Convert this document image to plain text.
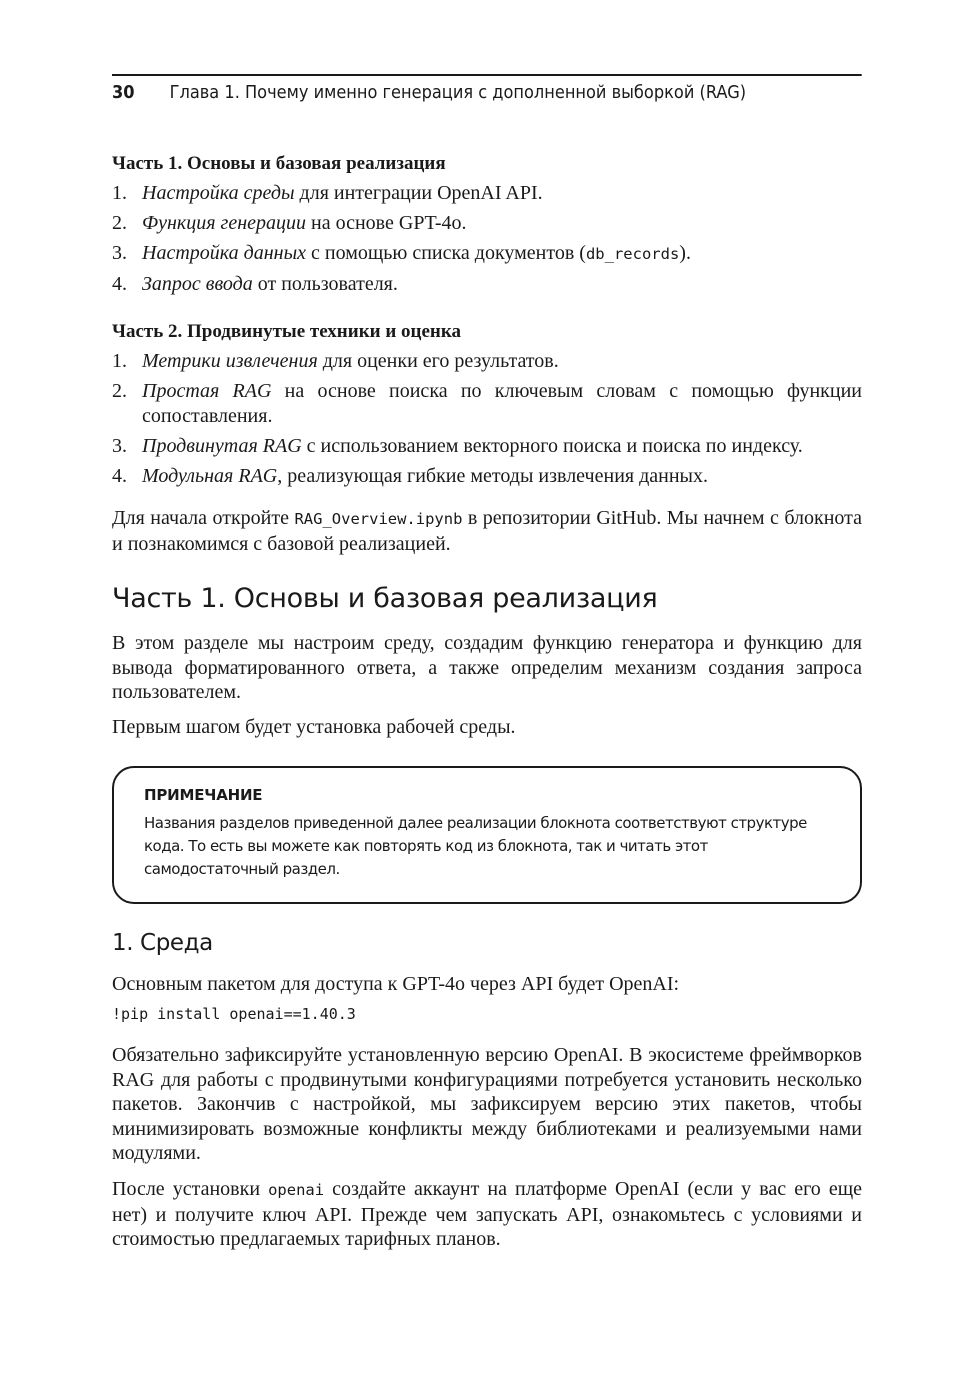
30	Глава 1. Почему именно генерация с дополненной выборкой (RAG)

Часть 1. Основы и базовая реализация

1. Настройка среды для интеграции OpenAI API.
2. Функция генерации на основе GPT-4o.
3. Настройка данных с помощью списка документов (db_records).
4. Запрос ввода от пользователя.

Часть 2. Продвинутые техники и оценка

1. Метрики извлечения для оценки его результатов.
2. Простая RAG на основе поиска по ключевым словам с помощью функции сопоставления.
3. Продвинутая RAG с использованием векторного поиска и поиска по индексу.
4. Модульная RAG, реализующая гибкие методы извлечения данных.

Для начала откройте RAG_Overview.ipynb в репозитории GitHub. Мы начнем с блокнота и познакомимся с базовой реализацией.

Часть 1. Основы и базовая реализация

В этом разделе мы настроим среду, создадим функцию генератора и функцию для вывода форматированного ответа, а также определим механизм создания запроса пользователем.

Первым шагом будет установка рабочей среды.

ПРИМЕЧАНИЕ

Названия разделов приведенной далее реализации блокнота соответствуют структуре кода. То есть вы можете как повторять код из блокнота, так и читать этот самодостаточный раздел.

1. Среда

Основным пакетом для доступа к GPT-4o через API будет OpenAI:

!pip install openai==1.40.3

Обязательно зафиксируйте установленную версию OpenAI. В экосистеме фреймворков RAG для работы с продвинутыми конфигурациями потребуется установить несколько пакетов. Закончив с настройкой, мы зафиксируем версию этих пакетов, чтобы минимизировать возможные конфликты между библиотеками и реализуемыми нами модулями.

После установки openai создайте аккаунт на платформе OpenAI (если у вас его еще нет) и получите ключ API. Прежде чем запускать API, ознакомьтесь с условиями и стоимостью предлагаемых тарифных планов.
